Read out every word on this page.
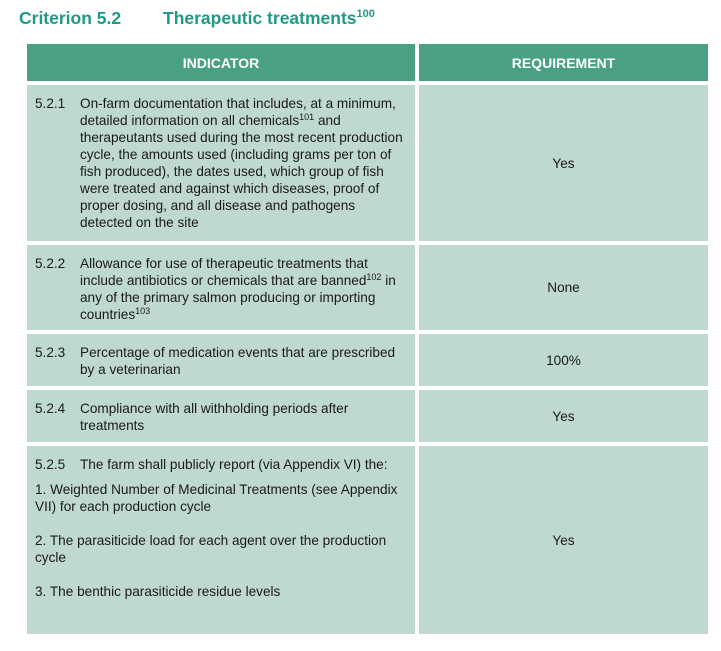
Criterion 5.2 Therapeutic treatments$^{100}$
INDICATOR	REQUIREMENT
5.2.1	On-farm documentation that includes, at a minimum, detailed information on all chemicals$^{101}$ and therapeutants used during the most recent production cycle, the amounts used (including grams per ton of fish produced), the dates used, which group of fish were treated and against which diseases, proof of proper dosing, and all disease and pathogens detected on the site
Yes
5.2.2	Allowance for use of therapeutic treatments that include antibiotics or chemicals that are banned$^{102}$ in any of the primary salmon producing or importing countries$^{103}$
None
5.2.3	Percentage of medication events that are prescribed by a veterinarian
100%
5.2.4	Compliance with all withholding periods after treatments
Yes
5.2.5	The farm shall publicly report (via Appendix VI) the:

1. Weighted Number of Medicinal Treatments (see Appendix VII) for each production cycle

2. The parasiticide load for each agent over the production cycle

3. The benthic parasiticide residue levels

Yes
